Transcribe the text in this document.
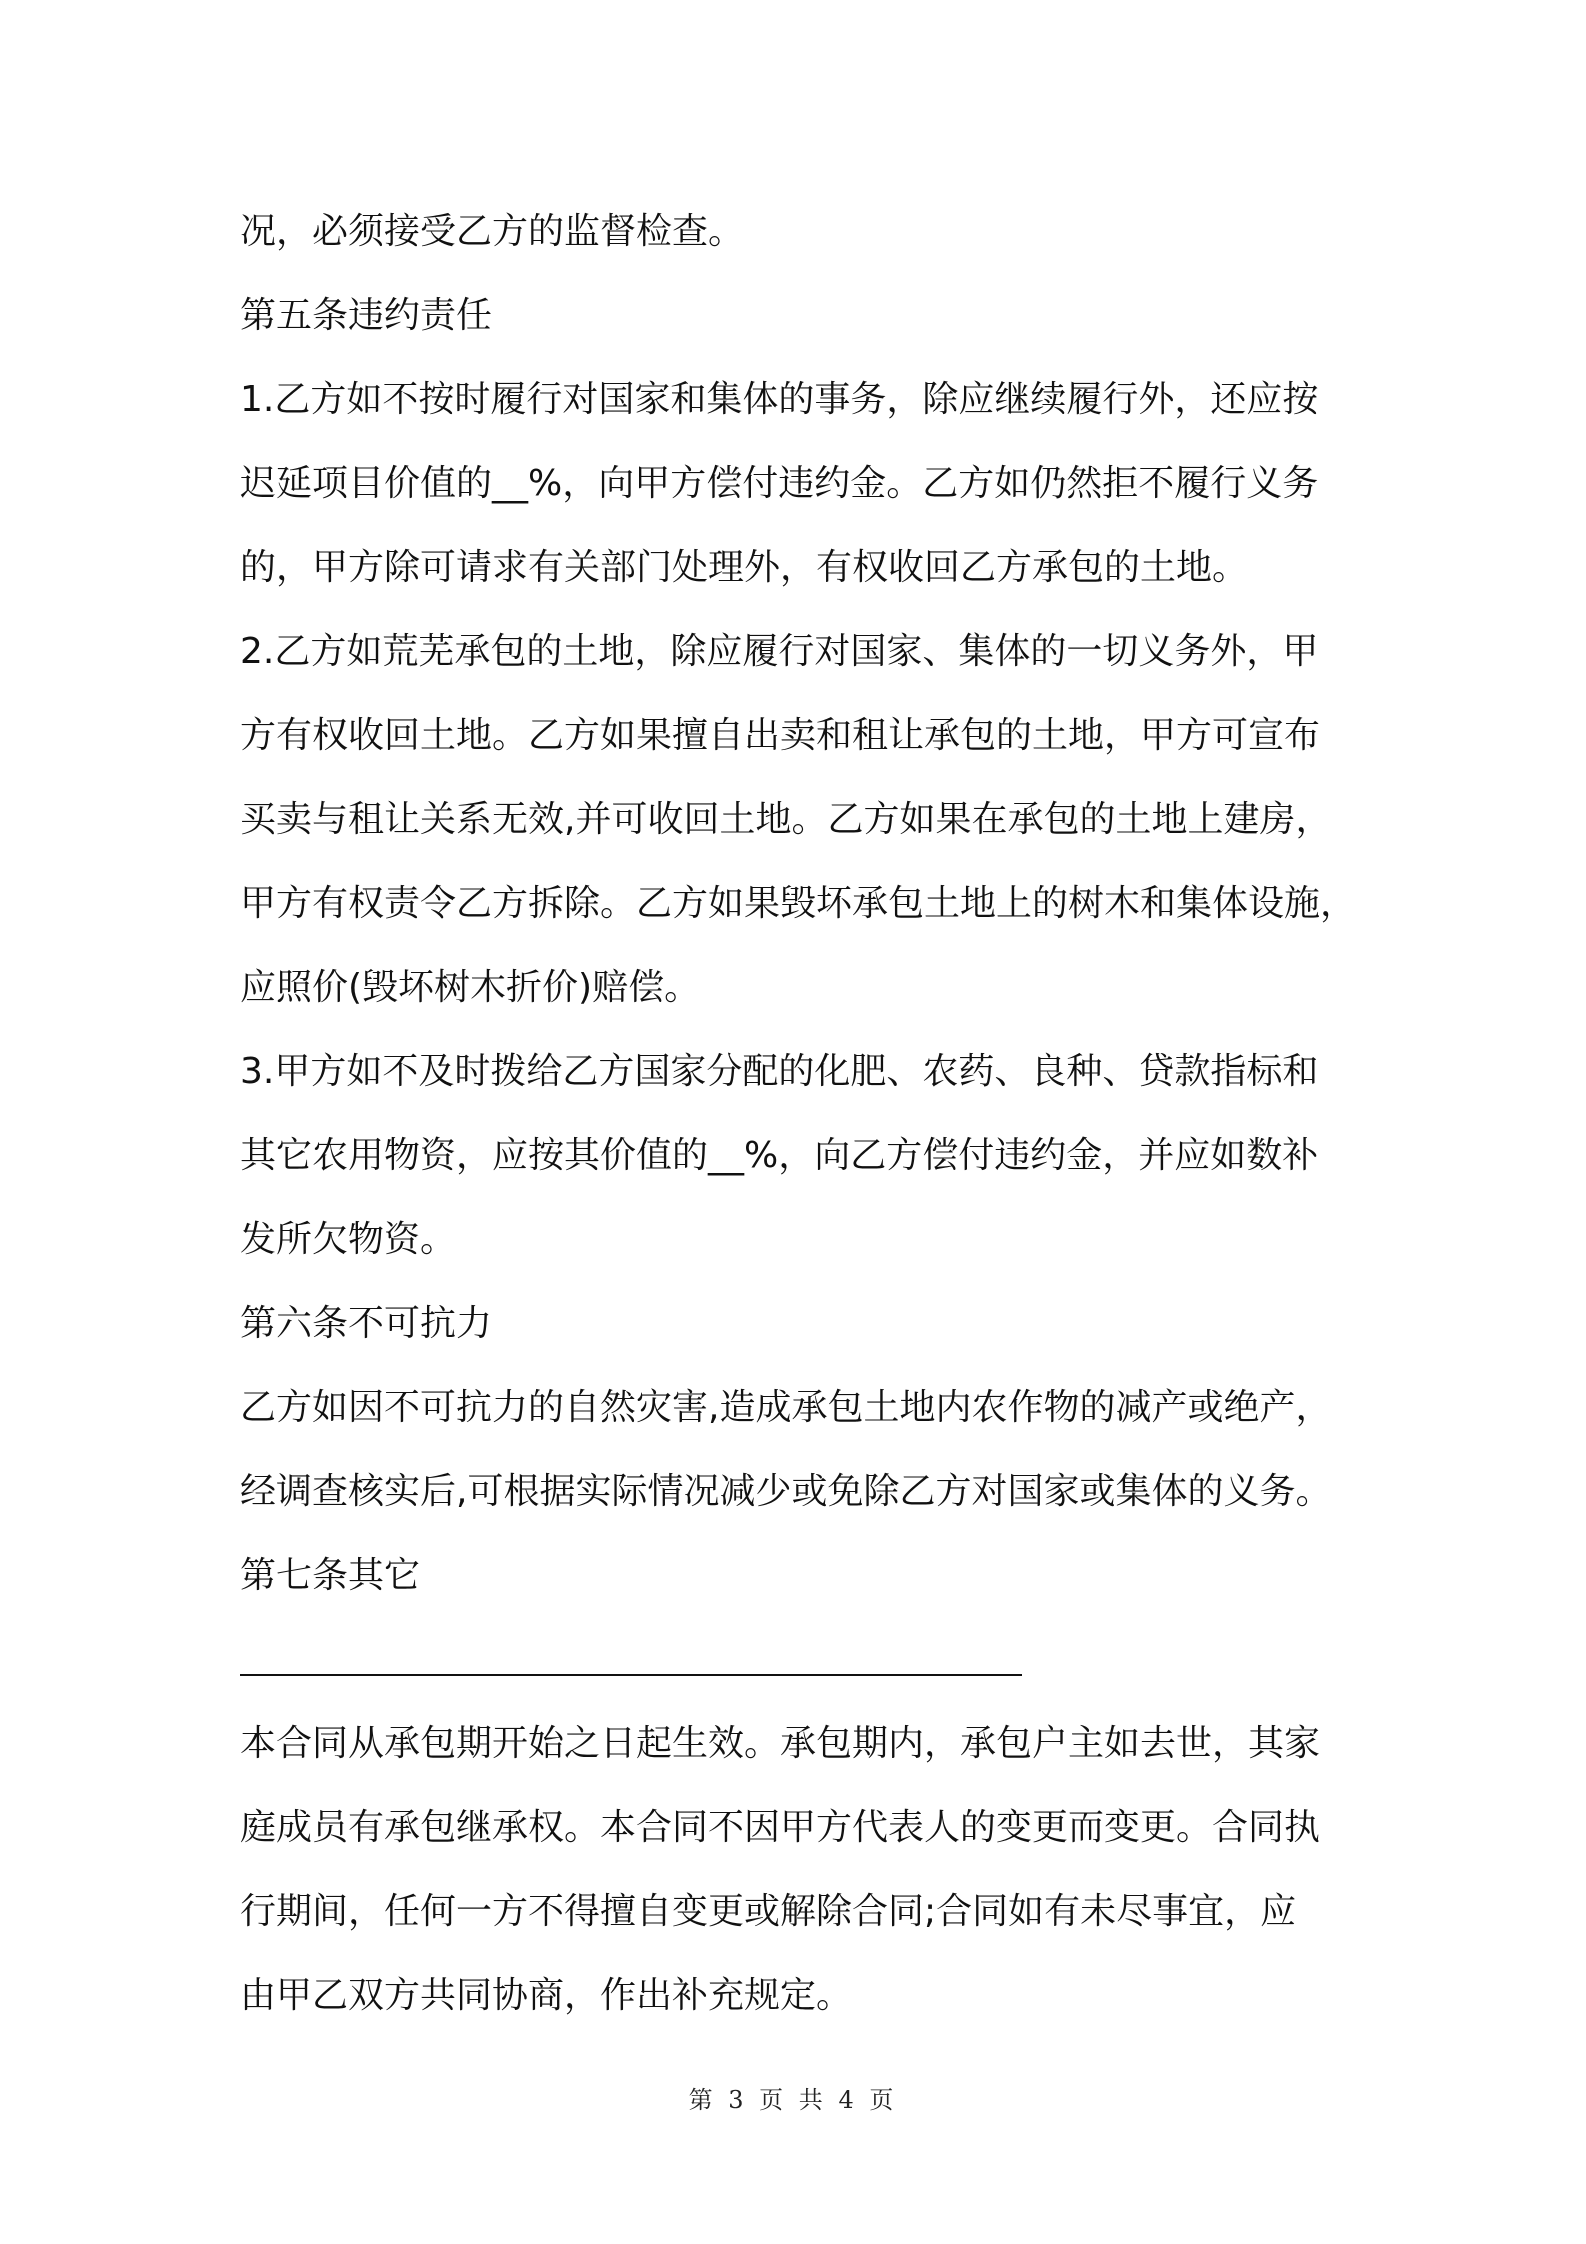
况，必须接受乙方的监督检查。
第五条违约责任
1.乙方如不按时履行对国家和集体的事务，除应继续履行外，还应按
迟延项目价值的__%，向甲方偿付违约金。乙方如仍然拒不履行义务
的，甲方除可请求有关部门处理外，有权收回乙方承包的土地。
2.乙方如荒芜承包的土地，除应履行对国家、集体的一切义务外，甲
方有权收回土地。乙方如果擅自出卖和租让承包的土地，甲方可宣布
买卖与租让关系无效,并可收回土地。乙方如果在承包的土地上建房，
甲方有权责令乙方拆除。乙方如果毁坏承包土地上的树木和集体设施，
应照价(毁坏树木折价)赔偿。
3.甲方如不及时拨给乙方国家分配的化肥、农药、良种、贷款指标和
其它农用物资，应按其价值的__%，向乙方偿付违约金，并应如数补
发所欠物资。
第六条不可抗力
乙方如因不可抗力的自然灾害,造成承包土地内农作物的减产或绝产，
经调查核实后,可根据实际情况减少或免除乙方对国家或集体的义务。
第七条其它
本合同从承包期开始之日起生效。承包期内，承包户主如去世，其家
庭成员有承包继承权。本合同不因甲方代表人的变更而变更。合同执
行期间，任何一方不得擅自变更或解除合同;合同如有未尽事宜，应
由甲乙双方共同协商，作出补充规定。
第 3 页 共 4 页
